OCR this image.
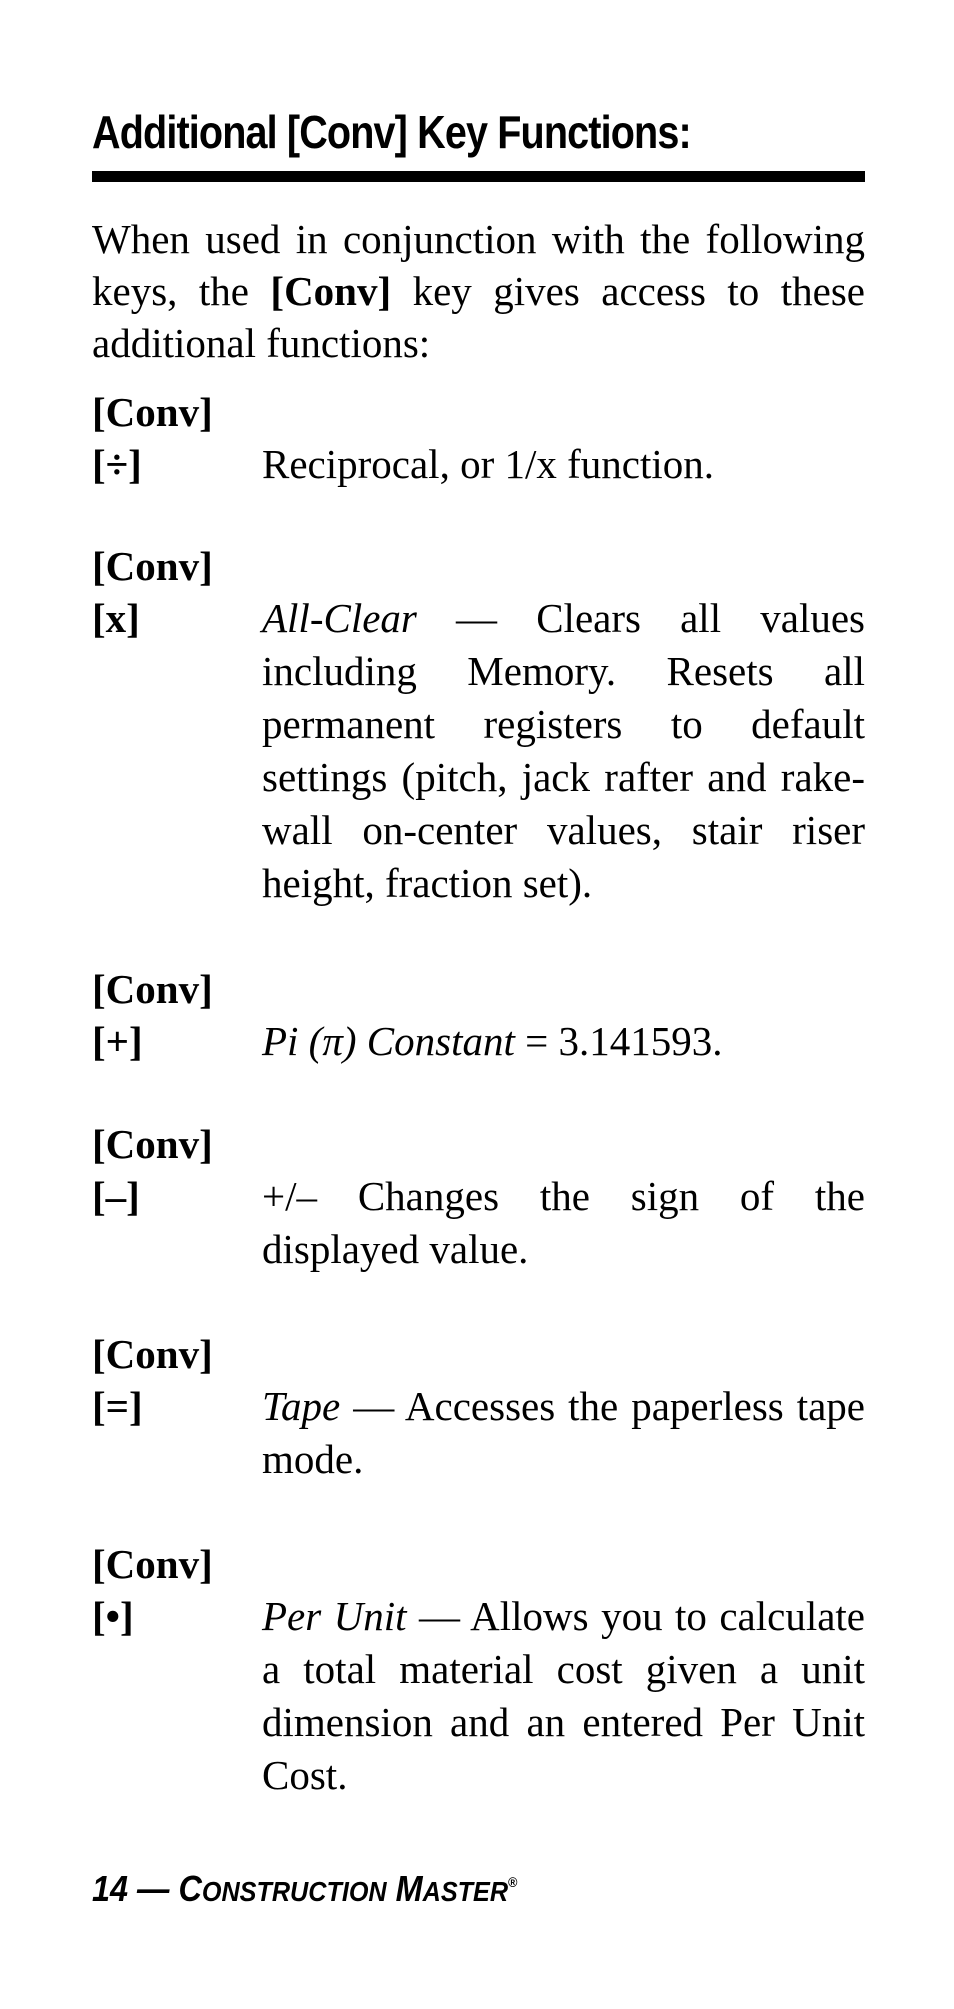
Additional [Conv] Key Functions:

When used in conjunction with the following keys, the [Conv] key gives access to these additional functions:

[Conv]
[÷]	Reciprocal, or 1/x function.
[Conv]
[x]	All-Clear — Clears all values including Memory. Resets all permanent registers to default settings (pitch, jack rafter and rake-wall on-center values, stair riser height, fraction set).
[Conv]
[+]	Pi (π) Constant = 3.141593.
[Conv]
[–]	+/– Changes the sign of the displayed value.
[Conv]
[=]	Tape — Accesses the paperless tape mode.
[Conv]
[•]	Per Unit — Allows you to calculate a total material cost given a unit dimension and an entered Per Unit Cost.
14 — CONSTRUCTION MASTER®
